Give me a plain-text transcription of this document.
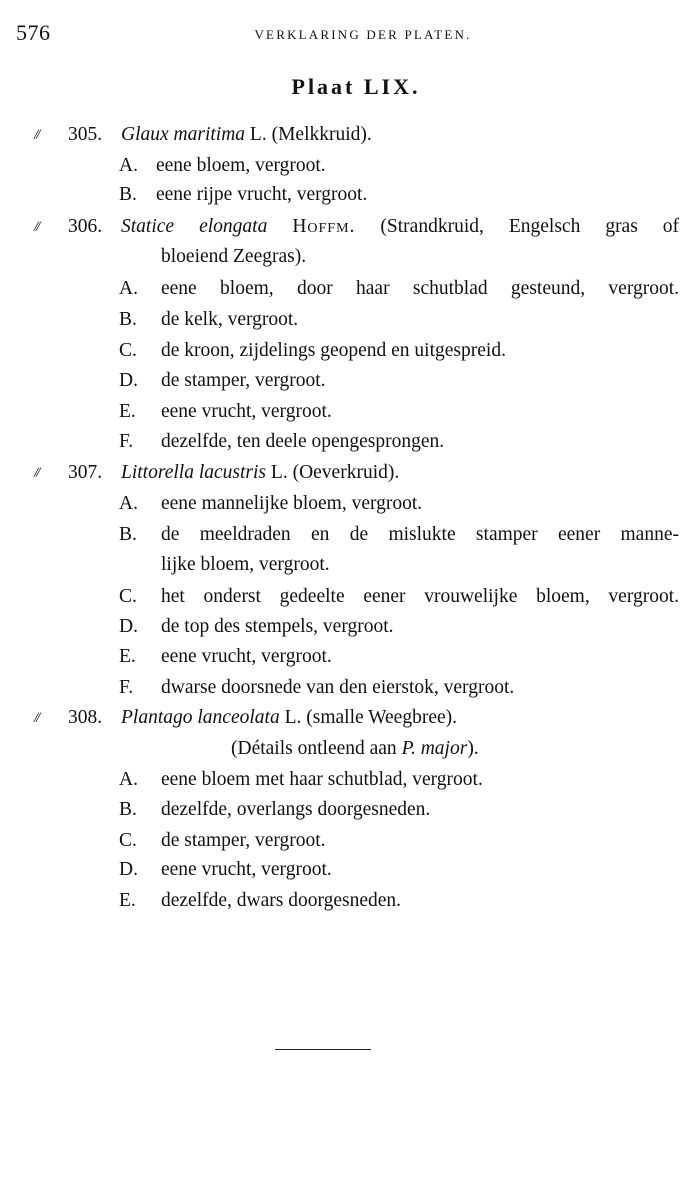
576	VERKLARING DER PLATEN.
Plaat LIX.
// 305. Glaux maritima L. (Melkkruid).
A. eene bloem, vergroot.
B. eene rijpe vrucht, vergroot.
// 306. Statice elongata Hoffm. (Strandkruid, Engelsch gras of
bloeiend Zeegras).
A. eene bloem, door haar schutblad gesteund, vergroot.
B. de kelk, vergroot.
C. de kroon, zijdelings geopend en uitgespreid.
D. de stamper, vergroot.
E. eene vrucht, vergroot.
F. dezelfde, ten deele opengesprongen.
// 307. Littorella lacustris L. (Oeverkruid).
A. eene mannelijke bloem, vergroot.
B. de meeldraden en de mislukte stamper eener manne-
lijke bloem, vergroot.
C. het onderst gedeelte eener vrouwelijke bloem, vergroot.
D. de top des stempels, vergroot.
E. eene vrucht, vergroot.
F. dwarse doorsnede van den eierstok, vergroot.
// 308. Plantago lanceolata L. (smalle Weegbree).
(Détails ontleend aan P. major).
A. eene bloem met haar schutblad, vergroot.
B. dezelfde, overlangs doorgesneden.
C. de stamper, vergroot.
D. eene vrucht, vergroot.
E. dezelfde, dwars doorgesneden.
